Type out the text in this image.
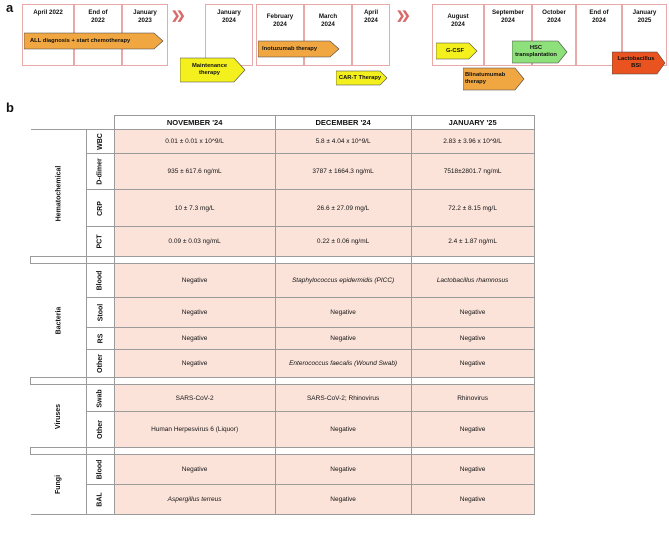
a
b
April 2022	End of 2022
January 2023
January 2024	February 2024
March 2024
April 2024	August 2024
September 2024
October 2024
End of 2024
January 2025
❯❯	❯❯
ALL diagnosis + start chemotherapy
Maintenance therapy
Inotuzumab therapy
CAR-T Therapy
G-CSF
Blinatumumab therapy
HSC transplantation
Lactobacillus BSI
		NOVEMBER '24	DECEMBER '24	JANUARY '25
Hematochemical	WBC	0.01 ± 0.01 x 10^9/L	5.8 ± 4.04 x 10^9/L	2.83 ± 3.96 x 10^9/L
	D-dimer	935 ± 617.6 ng/mL	3787 ± 1664.3 ng/mL	7518±2801.7 ng/mL
	CRP	10 ± 7.3 mg/L	26.6 ± 27.09 mg/L	72.2 ± 8.15 mg/L
	PCT	0.09 ± 0.03 ng/mL	0.22 ± 0.06 ng/mL	2.4 ± 1.87 ng/mL

Bacteria	Blood	Negative	Staphylococcus epidermidis (PICC)	Lactobacillus rhamnosus
	Stool	Negative	Negative	Negative
	RS	Negative	Negative	Negative
	Other	Negative	Enterococcus faecalis (Wound Swab)	Negative

Viruses	Swab	SARS-CoV-2	SARS-CoV-2; Rhinovirus	Rhinovirus
	Other	Human Herpesvirus 6 (Liquor)	Negative	Negative

Fungi	Blood	Negative	Negative	Negative
	BAL	Aspergillus terreus	Negative	Negative
